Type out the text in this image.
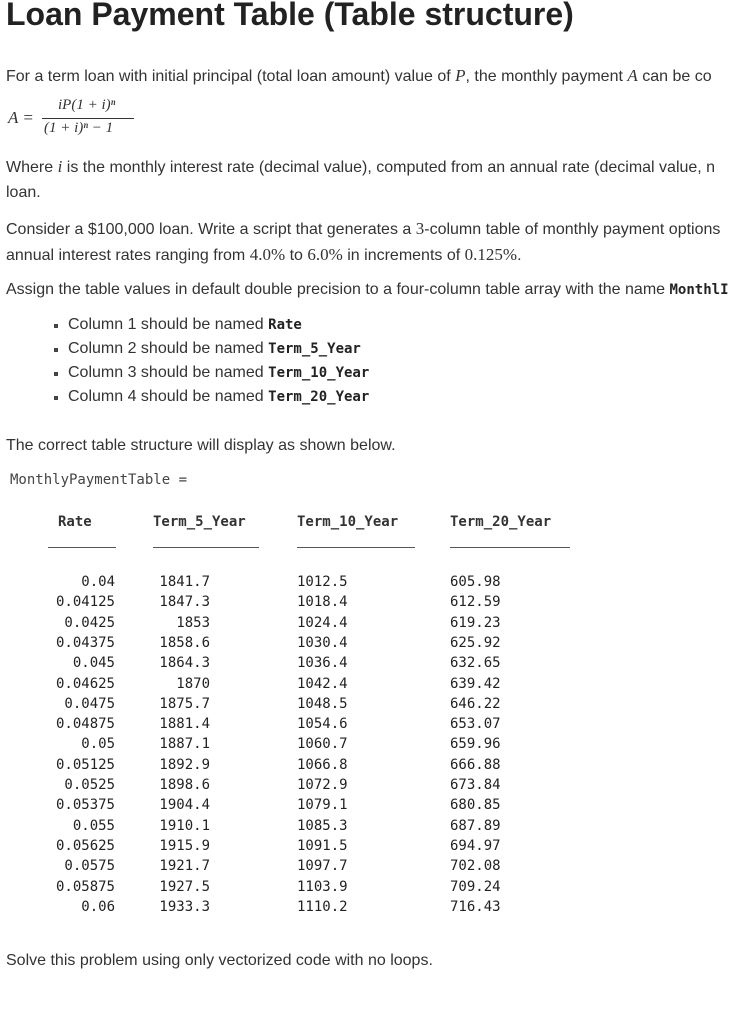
Loan Payment Table (Table structure)

For a term loan with initial principal (total loan amount) value of P, the monthly payment A can be co

A =
iP(1 + i)ⁿ
(1 + i)ⁿ − 1

Where i is the monthly interest rate (decimal value), computed from an annual rate (decimal value, n
loan.

Consider a $100,000 loan. Write a script that generates a 3-column table of monthly payment options
annual interest rates ranging from 4.0% to 6.0% in increments of 0.125%.

Assign the table values in default double precision to a four-column table array with the name MonthlI

Column 1 should be named Rate
Column 2 should be named Term_5_Year
Column 3 should be named Term_10_Year
Column 4 should be named Term_20_Year

The correct table structure will display as shown below.

MonthlyPaymentTable =
Rate	Term_5_Year	Term_10_Year	Term_20_Year
0.04	1841.7	1012.5	605.98
0.04125	1847.3	1018.4	612.59
0.0425	1853	1024.4	619.23
0.04375	1858.6	1030.4	625.92
0.045	1864.3	1036.4	632.65
0.04625	1870	1042.4	639.42
0.0475	1875.7	1048.5	646.22
0.04875	1881.4	1054.6	653.07
0.05	1887.1	1060.7	659.96
0.05125	1892.9	1066.8	666.88
0.0525	1898.6	1072.9	673.84
0.05375	1904.4	1079.1	680.85
0.055	1910.1	1085.3	687.89
0.05625	1915.9	1091.5	694.97
0.0575	1921.7	1097.7	702.08
0.05875	1927.5	1103.9	709.24
0.06	1933.3	1110.2	716.43

Solve this problem using only vectorized code with no loops.
